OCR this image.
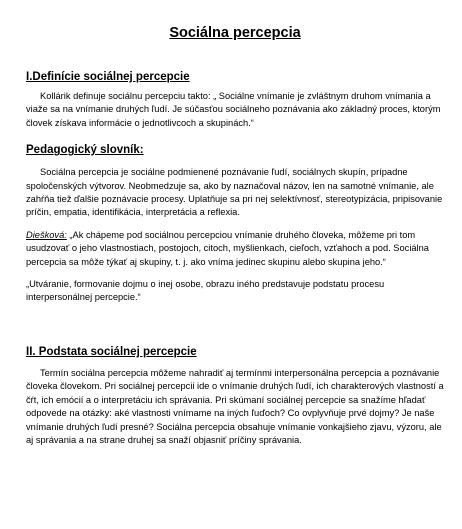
Sociálna percepcia
I.Definície sociálnej percepcie

Kollárik definuje sociálnu percepciu takto: „ Sociálne vnímanie je zvláštnym druhom vnímania a viaže sa na vnímanie druhých ľudí. Je súčasťou sociálneho poznávania ako základný proces, ktorým človek získava informácie o jednotlivcoch a skupinách.“

Pedagogický slovník:

Sociálna percepcia je sociálne podmienené poznávanie ľudí, sociálnych skupín, prípadne spoločenských výtvorov. Neobmedzuje sa, ako by naznačoval názov, len na samotné vnímanie, ale zahŕňa tiež ďalšie poznávacie procesy. Uplatňuje sa pri nej selektívnosť, stereotypizácia, pripisovanie príčin, empatia, identifikácia, interpretácia a reflexia.

Diešková: „Ak chápeme pod sociálnou percepciou vnímanie druhého človeka, môžeme pri tom usudzovať o jeho vlastnostiach, postojoch, citoch, myšlienkach, cieľoch, vzťahoch a pod. Sociálna percepcia sa môže týkať aj skupiny, t. j. ako vníma jedinec skupinu alebo skupina jeho.“

„Utváranie, formovanie dojmu o inej osobe, obrazu iného predstavuje podstatu procesu interpersonálnej percepcie.“

II. Podstata sociálnej percepcie

Termín sociálna percepcia môžeme nahradiť aj termínmi interpersonálna percepcia a poznávanie človeka človekom. Pri sociálnej percepcii ide o vnímanie druhých ľudí, ich charakterových vlastností a čŕt, ich emócií a o interpretáciu ich správania. Pri skúmaní sociálnej percepcie sa snažíme hľadať odpovede na otázky: aké vlastnosti vnímame na iných ľuďoch? Co ovplyvňuje prvé dojmy? Je naše vnímanie druhých ľudí presné? Sociálna percepcia obsahuje vnímanie vonkajšieho zjavu, výzoru, ale aj správania a na strane druhej sa snaží objasniť príčiny správania.
